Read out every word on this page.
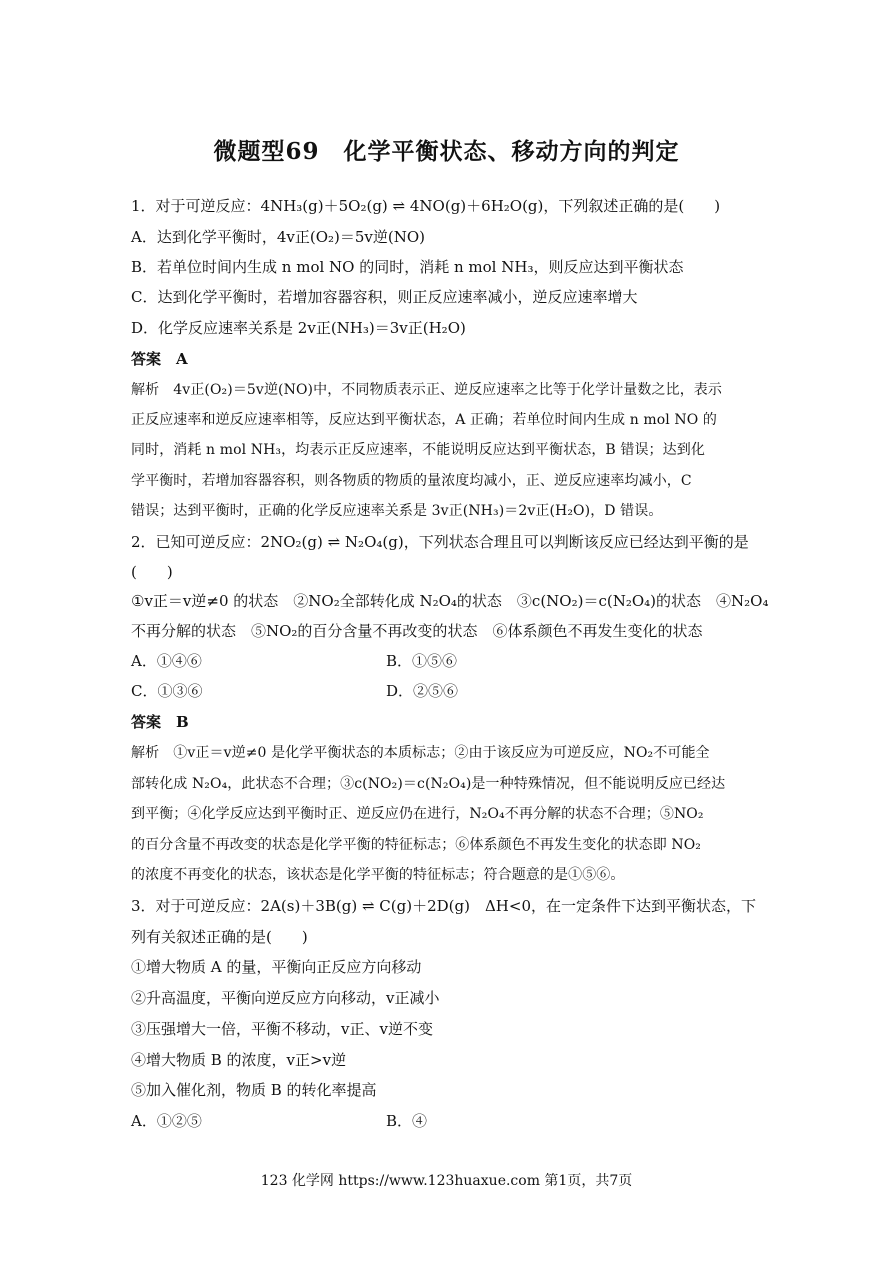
微题型69　化学平衡状态、移动方向的判定
1．对于可逆反应：4NH₃(g)＋5O₂(g) ⇌ 4NO(g)＋6H₂O(g)，下列叙述正确的是(　　)
A．达到化学平衡时，4v正(O₂)＝5v逆(NO)
B．若单位时间内生成 n mol NO 的同时，消耗 n mol NH₃，则反应达到平衡状态
C．达到化学平衡时，若增加容器容积，则正反应速率减小，逆反应速率增大
D．化学反应速率关系是 2v正(NH₃)＝3v正(H₂O)
答案　A
解析　4v正(O₂)＝5v逆(NO)中，不同物质表示正、逆反应速率之比等于化学计量数之比，表示
正反应速率和逆反应速率相等，反应达到平衡状态，A 正确；若单位时间内生成 n mol NO 的
同时，消耗 n mol NH₃，均表示正反应速率，不能说明反应达到平衡状态，B 错误；达到化
学平衡时，若增加容器容积，则各物质的物质的量浓度均减小，正、逆反应速率均减小，C
错误；达到平衡时，正确的化学反应速率关系是 3v正(NH₃)＝2v正(H₂O)，D 错误。
2．已知可逆反应：2NO₂(g) ⇌ N₂O₄(g)，下列状态合理且可以判断该反应已经达到平衡的是
(　　)
①v正＝v逆≠0 的状态　②NO₂全部转化成 N₂O₄的状态　③c(NO₂)＝c(N₂O₄)的状态　④N₂O₄
不再分解的状态　⑤NO₂的百分含量不再改变的状态　⑥体系颜色不再发生变化的状态
A．①④⑥	B．①⑤⑥
C．①③⑥	D．②⑤⑥
答案　B
解析　①v正＝v逆≠0 是化学平衡状态的本质标志；②由于该反应为可逆反应，NO₂不可能全
部转化成 N₂O₄，此状态不合理；③c(NO₂)＝c(N₂O₄)是一种特殊情况，但不能说明反应已经达
到平衡；④化学反应达到平衡时正、逆反应仍在进行，N₂O₄不再分解的状态不合理；⑤NO₂
的百分含量不再改变的状态是化学平衡的特征标志；⑥体系颜色不再发生变化的状态即 NO₂
的浓度不再变化的状态，该状态是化学平衡的特征标志；符合题意的是①⑤⑥。
3．对于可逆反应：2A(s)＋3B(g) ⇌ C(g)＋2D(g)　ΔH<0，在一定条件下达到平衡状态，下
列有关叙述正确的是(　　)
①增大物质 A 的量，平衡向正反应方向移动
②升高温度，平衡向逆反应方向移动，v正减小
③压强增大一倍，平衡不移动，v正、v逆不变
④增大物质 B 的浓度，v正>v逆
⑤加入催化剂，物质 B 的转化率提高
A．①②⑤	B．④
123 化学网 https://www.123huaxue.com 第1页，共7页
